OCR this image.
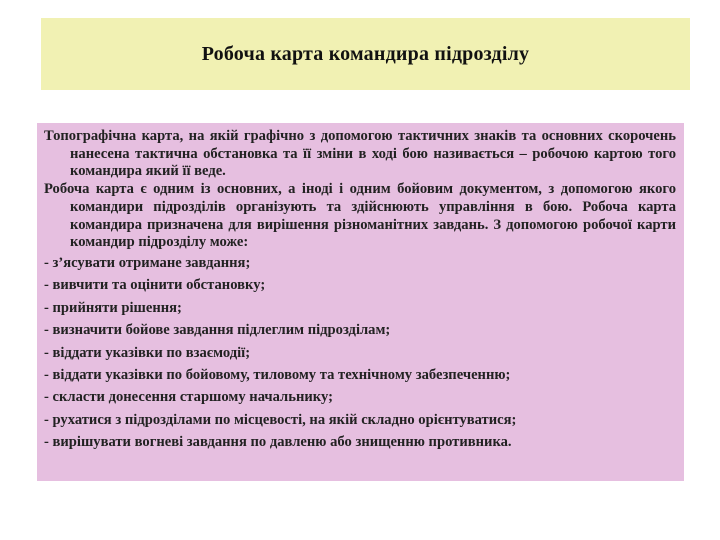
Робоча карта командира підрозділу

Топографічна карта, на якій графічно з допомогою тактичних знаків та основних скорочень нанесена тактична обстановка та її зміни в ході бою називається – робочою картою того командира який її веде.

Робоча карта є одним із основних, а іноді і одним бойовим документом, з допомогою якого командири підрозділів організують та здійснюють управління в бою. Робоча карта командира призначена для вирішення різноманітних завдань. З допомогою робочої карти командир підрозділу може:

- з’ясувати отримане завдання;

- вивчити та оцінити обстановку;

- прийняти рішення;

- визначити бойове завдання підлеглим підрозділам;

- віддати указівки по взаємодії;

- віддати указівки по бойовому, тиловому та технічному забезпеченню;

- скласти донесення старшому начальнику;

- рухатися з підрозділами по місцевості, на якій складно орієнтуватися;

- вирішувати вогневі завдання по давленю або знищенню противника.
